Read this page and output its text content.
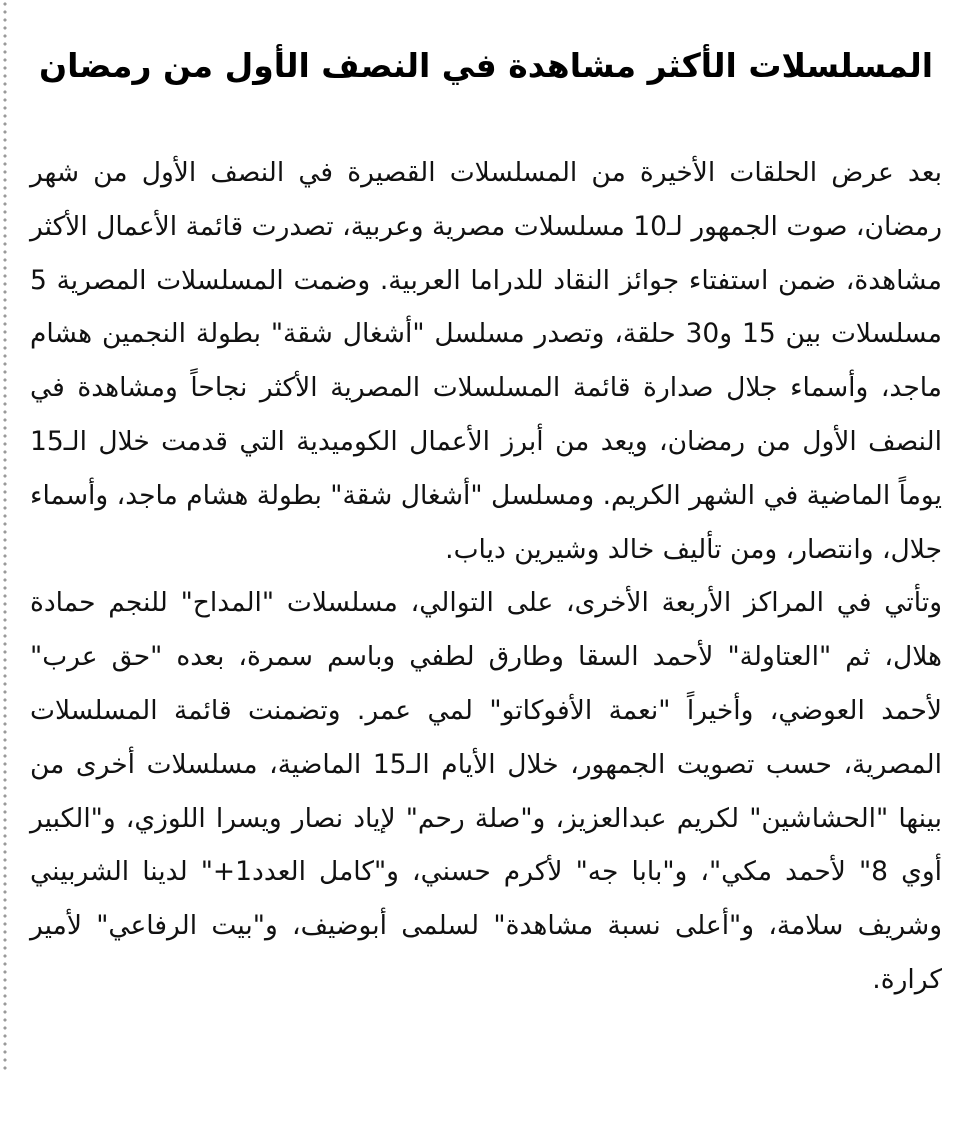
المسلسلات الأكثر مشاهدة في النصف الأول من رمضان

بعد عرض الحلقات الأخيرة من المسلسلات القصيرة في النصف الأول من شهر رمضان، صوت الجمهور لـ10 مسلسلات مصرية وعربية، تصدرت قائمة الأعمال الأكثر مشاهدة، ضمن استفتاء جوائز النقاد للدراما العربية. وضمت المسلسلات المصرية 5 مسلسلات بين 15 و30 حلقة، وتصدر مسلسل "أشغال شقة" بطولة النجمين هشام ماجد، وأسماء جلال صدارة قائمة المسلسلات المصرية الأكثر نجاحاً ومشاهدة في النصف الأول من رمضان، ويعد من أبرز الأعمال الكوميدية التي قدمت خلال الـ15 يوماً الماضية في الشهر الكريم. ومسلسل "أشغال شقة" بطولة هشام ماجد، وأسماء جلال، وانتصار، ومن تأليف خالد وشيرين دياب.

وتأتي في المراكز الأربعة الأخرى، على التوالي، مسلسلات "المداح" للنجم حمادة هلال، ثم "العتاولة" لأحمد السقا وطارق لطفي وباسم سمرة، بعده "حق عرب" لأحمد العوضي، وأخيراً "نعمة الأفوكاتو" لمي عمر. وتضمنت قائمة المسلسلات المصرية، حسب تصويت الجمهور، خلال الأيام الـ15 الماضية، مسلسلات أخرى من بينها "الحشاشين" لكريم عبدالعزيز، و"صلة رحم" لإياد نصار ويسرا اللوزي، و"الكبير أوي 8" لأحمد مكي"، و"بابا جه" لأكرم حسني، و"كامل العدد1+" لدينا الشربيني وشريف سلامة، و"أعلى نسبة مشاهدة" لسلمى أبوضيف، و"بيت الرفاعي" لأمير كرارة.
